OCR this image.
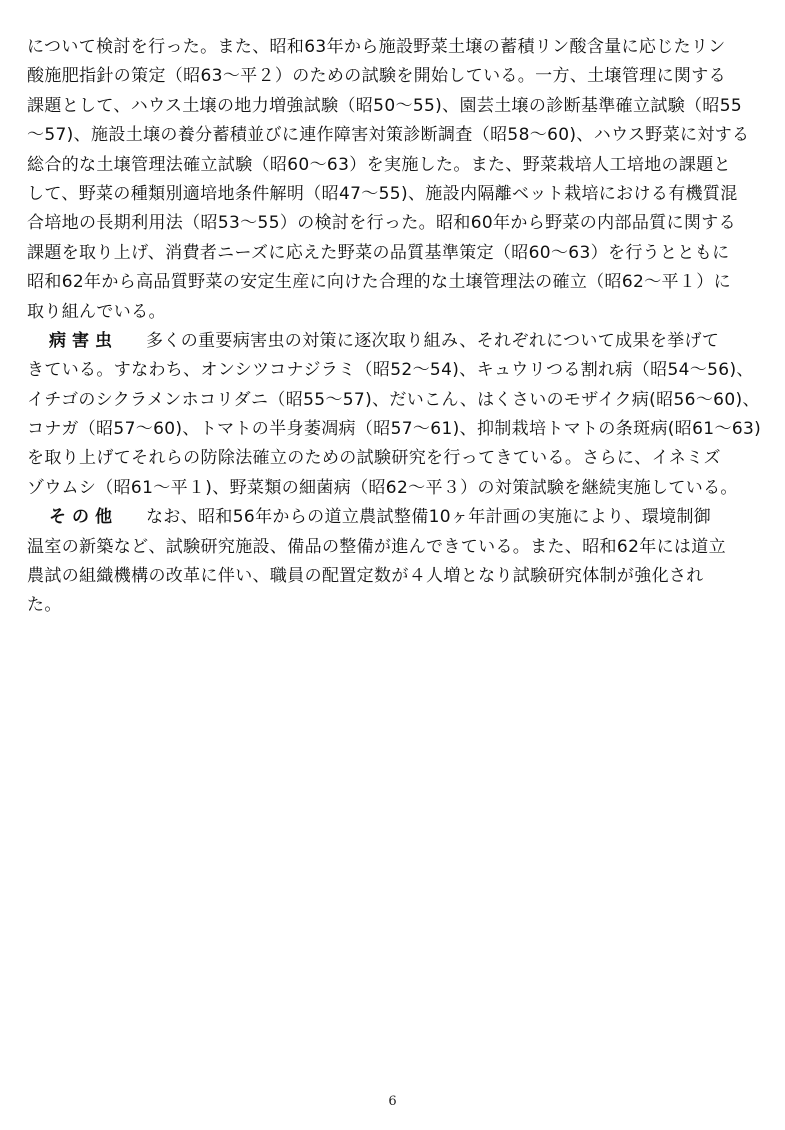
について検討を行った。また、昭和63年から施設野菜土壌の蓄積リン酸含量に応じたリン
酸施肥指針の策定（昭63～平２）のための試験を開始している。一方、土壌管理に関する
課題として、ハウス土壌の地力増強試験（昭50～55)、園芸土壌の診断基準確立試験（昭55
～57)、施設土壌の養分蓄積並びに連作障害対策診断調査（昭58～60)、ハウス野菜に対する
総合的な土壌管理法確立試験（昭60～63）を実施した。また、野菜栽培人工培地の課題と
して、野菜の種類別適培地条件解明（昭47～55)、施設内隔離ベット栽培における有機質混
合培地の長期利用法（昭53～55）の検討を行った。昭和60年から野菜の内部品質に関する
課題を取り上げ、消費者ニーズに応えた野菜の品質基準策定（昭60～63）を行うとともに
昭和62年から高品質野菜の安定生産に向けた合理的な土壌管理法の確立（昭62～平１）に
取り組んでいる。
病害虫 多くの重要病害虫の対策に逐次取り組み、それぞれについて成果を挙げて
きている。すなわち、オンシツコナジラミ（昭52～54)、キュウリつる割れ病（昭54～56)、
イチゴのシクラメンホコリダニ（昭55～57)、だいこん、はくさいのモザイク病(昭56～60)、
コナガ（昭57～60)、トマトの半身萎凋病（昭57～61)、抑制栽培トマトの条斑病(昭61～63)
を取り上げてそれらの防除法確立のための試験研究を行ってきている。さらに、イネミズ
ゾウムシ（昭61～平１)、野菜類の細菌病（昭62～平３）の対策試験を継続実施している。
その他 なお、昭和56年からの道立農試整備10ヶ年計画の実施により、環境制御
温室の新築など、試験研究施設、備品の整備が進んできている。また、昭和62年には道立
農試の組織機構の改革に伴い、職員の配置定数が４人増となり試験研究体制が強化され
た。
6
